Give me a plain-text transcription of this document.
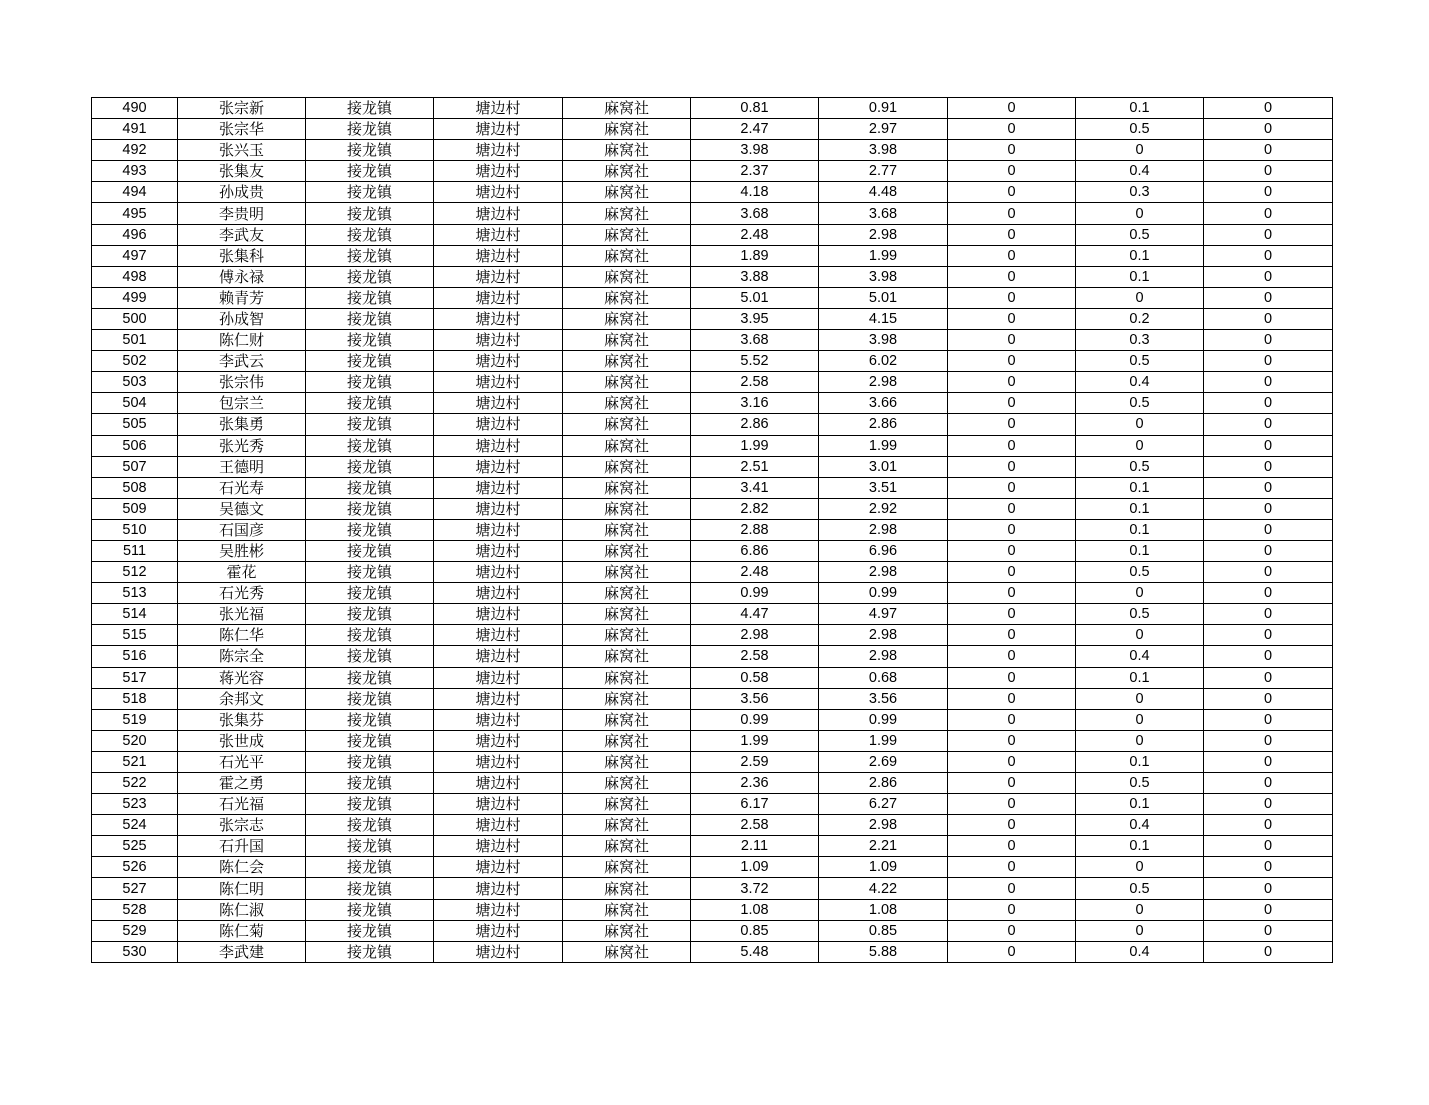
490	张宗新	接龙镇	塘边村	麻窝社	0.81	0.91	0	0.1	0
491	张宗华	接龙镇	塘边村	麻窝社	2.47	2.97	0	0.5	0
492	张兴玉	接龙镇	塘边村	麻窝社	3.98	3.98	0	0	0
493	张集友	接龙镇	塘边村	麻窝社	2.37	2.77	0	0.4	0
494	孙成贵	接龙镇	塘边村	麻窝社	4.18	4.48	0	0.3	0
495	李贵明	接龙镇	塘边村	麻窝社	3.68	3.68	0	0	0
496	李武友	接龙镇	塘边村	麻窝社	2.48	2.98	0	0.5	0
497	张集科	接龙镇	塘边村	麻窝社	1.89	1.99	0	0.1	0
498	傅永禄	接龙镇	塘边村	麻窝社	3.88	3.98	0	0.1	0
499	赖青芳	接龙镇	塘边村	麻窝社	5.01	5.01	0	0	0
500	孙成智	接龙镇	塘边村	麻窝社	3.95	4.15	0	0.2	0
501	陈仁财	接龙镇	塘边村	麻窝社	3.68	3.98	0	0.3	0
502	李武云	接龙镇	塘边村	麻窝社	5.52	6.02	0	0.5	0
503	张宗伟	接龙镇	塘边村	麻窝社	2.58	2.98	0	0.4	0
504	包宗兰	接龙镇	塘边村	麻窝社	3.16	3.66	0	0.5	0
505	张集勇	接龙镇	塘边村	麻窝社	2.86	2.86	0	0	0
506	张光秀	接龙镇	塘边村	麻窝社	1.99	1.99	0	0	0
507	王德明	接龙镇	塘边村	麻窝社	2.51	3.01	0	0.5	0
508	石光寿	接龙镇	塘边村	麻窝社	3.41	3.51	0	0.1	0
509	吴德文	接龙镇	塘边村	麻窝社	2.82	2.92	0	0.1	0
510	石国彦	接龙镇	塘边村	麻窝社	2.88	2.98	0	0.1	0
511	吴胜彬	接龙镇	塘边村	麻窝社	6.86	6.96	0	0.1	0
512	霍花	接龙镇	塘边村	麻窝社	2.48	2.98	0	0.5	0
513	石光秀	接龙镇	塘边村	麻窝社	0.99	0.99	0	0	0
514	张光福	接龙镇	塘边村	麻窝社	4.47	4.97	0	0.5	0
515	陈仁华	接龙镇	塘边村	麻窝社	2.98	2.98	0	0	0
516	陈宗全	接龙镇	塘边村	麻窝社	2.58	2.98	0	0.4	0
517	蒋光容	接龙镇	塘边村	麻窝社	0.58	0.68	0	0.1	0
518	余邦文	接龙镇	塘边村	麻窝社	3.56	3.56	0	0	0
519	张集芬	接龙镇	塘边村	麻窝社	0.99	0.99	0	0	0
520	张世成	接龙镇	塘边村	麻窝社	1.99	1.99	0	0	0
521	石光平	接龙镇	塘边村	麻窝社	2.59	2.69	0	0.1	0
522	霍之勇	接龙镇	塘边村	麻窝社	2.36	2.86	0	0.5	0
523	石光福	接龙镇	塘边村	麻窝社	6.17	6.27	0	0.1	0
524	张宗志	接龙镇	塘边村	麻窝社	2.58	2.98	0	0.4	0
525	石升国	接龙镇	塘边村	麻窝社	2.11	2.21	0	0.1	0
526	陈仁会	接龙镇	塘边村	麻窝社	1.09	1.09	0	0	0
527	陈仁明	接龙镇	塘边村	麻窝社	3.72	4.22	0	0.5	0
528	陈仁淑	接龙镇	塘边村	麻窝社	1.08	1.08	0	0	0
529	陈仁菊	接龙镇	塘边村	麻窝社	0.85	0.85	0	0	0
530	李武建	接龙镇	塘边村	麻窝社	5.48	5.88	0	0.4	0
